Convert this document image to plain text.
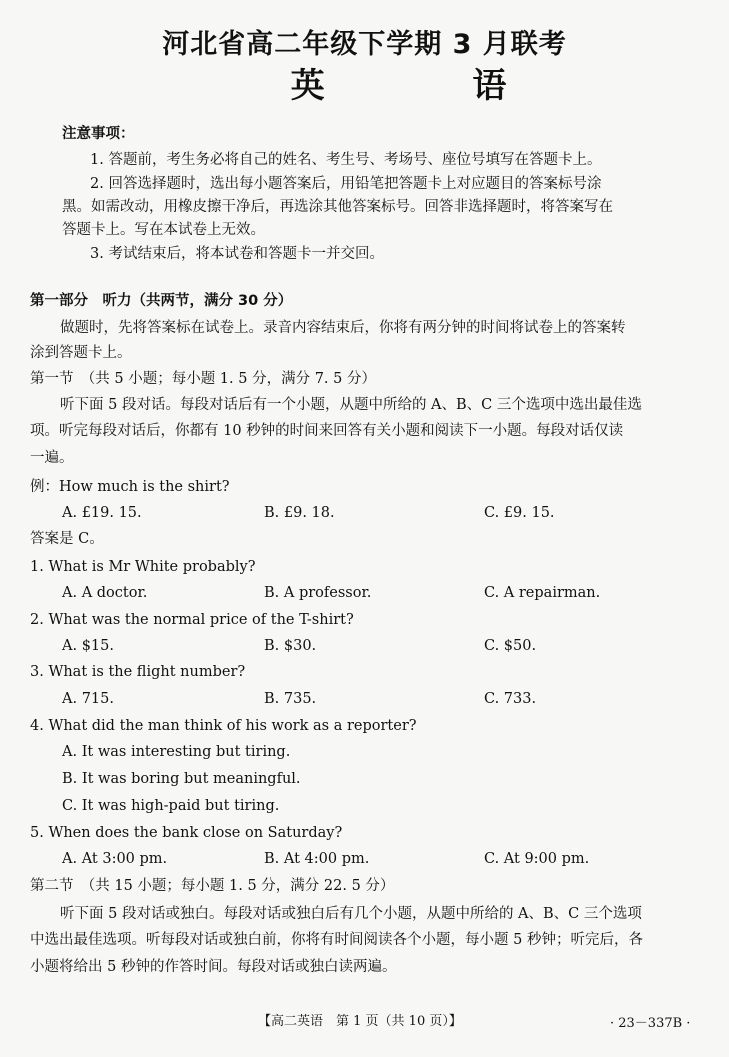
河北省高二年级下学期 3 月联考
英 语
注意事项：
1. 答题前，考生务必将自己的姓名、考生号、考场号、座位号填写在答题卡上。
2. 回答选择题时，选出每小题答案后，用铅笔把答题卡上对应题目的答案标号涂
黑。如需改动，用橡皮擦干净后，再选涂其他答案标号。回答非选择题时，将答案写在
答题卡上。写在本试卷上无效。
3. 考试结束后，将本试卷和答题卡一并交回。
第一部分　听力（共两节，满分 30 分）
做题时，先将答案标在试卷上。录音内容结束后，你将有两分钟的时间将试卷上的答案转
涂到答题卡上。
第一节　（共 5 小题；每小题 1. 5 分，满分 7. 5 分）
听下面 5 段对话。每段对话后有一个小题，从题中所给的 A、B、C 三个选项中选出最佳选
项。听完每段对话后，你都有 10 秒钟的时间来回答有关小题和阅读下一小题。每段对话仅读
一遍。
例：How much is the shirt?
A. £19. 15.	B. £9. 18.	C. £9. 15.
答案是 C。
1. What is Mr White probably?
A. A doctor.	B. A professor.	C. A repairman.
2. What was the normal price of the T-shirt?
A. $15.	B. $30.	C. $50.
3. What is the flight number?
A. 715.	B. 735.	C. 733.
4. What did the man think of his work as a reporter?
A. It was interesting but tiring.
B. It was boring but meaningful.
C. It was high-paid but tiring.
5. When does the bank close on Saturday?
A. At 3:00 pm.	B. At 4:00 pm.	C. At 9:00 pm.
第二节　（共 15 小题；每小题 1. 5 分，满分 22. 5 分）
听下面 5 段对话或独白。每段对话或独白后有几个小题，从题中所给的 A、B、C 三个选项
中选出最佳选项。听每段对话或独白前，你将有时间阅读各个小题，每小题 5 秒钟；听完后，各
小题将给出 5 秒钟的作答时间。每段对话或独白读两遍。
【高二英语　第 1 页（共 10 页）】	· 23－337B ·
